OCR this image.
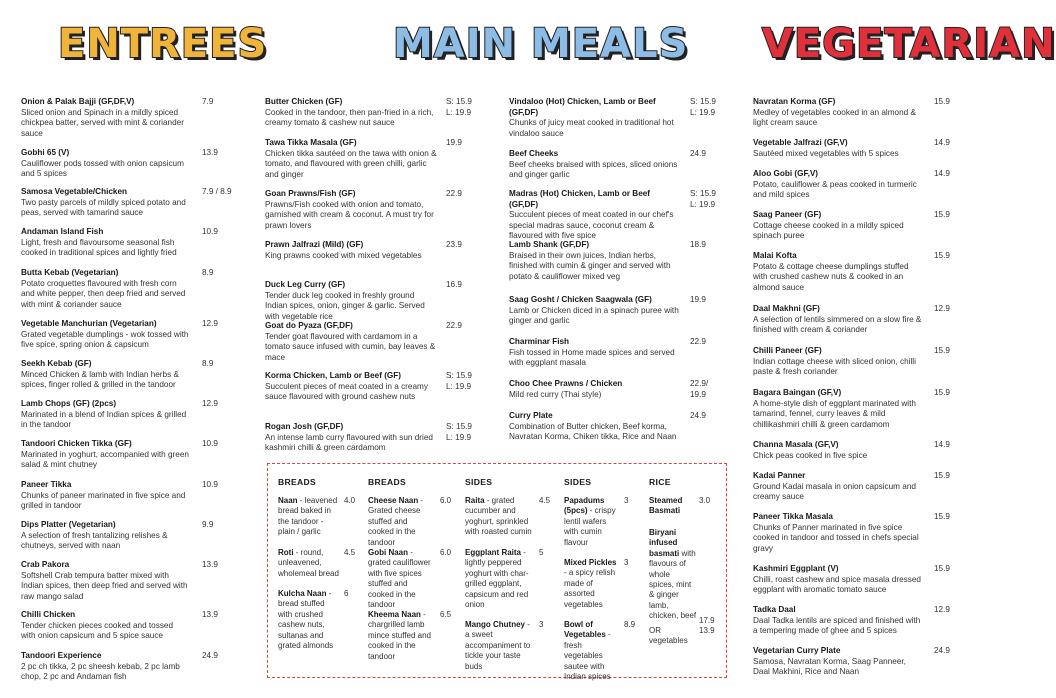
ENTREES	MAIN MEALS VEGETARIAN
Onion & Palak Bajji (GF,DF,V)
Sliced onion and Spinach in a mildly spiced chickpea batter, served with mint & coriander sauce
7.9
Gobhi 65 (V)
Cauliflower pods tossed with onion capsicum and 5 spices
13.9
Samosa Vegetable/Chicken
Two pasty parcels of mildly spiced potato and peas, served with tamarind sauce
7.9 / 8.9
Andaman Island Fish
Light, fresh and flavoursome seasonal fish cooked in traditional spices and lightly fried
10.9
Butta Kebab (Vegetarian)
Potato croquettes flavoured with fresh corn and white pepper, then deep fried and served with mint & coriander sauce
8.9
Vegetable Manchurian (Vegetarian)
Grated vegetable dumplings - wok tossed with five spice, spring onion & capsicum
12.9
Seekh Kebab (GF)
Minced Chicken & lamb with Indian herbs & spices, finger rolled & grilled in the tandoor
8.9
Lamb Chops (GF) (2pcs)
Marinated in a blend of Indian spices & grilled in the tandoor
12.9
Tandoori Chicken Tikka (GF)
Marinated in yoghurt, accompanied with green salad & mint chutney
10.9
Paneer Tikka
Chunks of paneer marinated in five spice and grilled in tandoor
10.9
Dips Platter (Vegetarian)
A selection of fresh tantalizing relishes & chutneys, served with naan
9.9
Crab Pakora
Softshell Crab tempura batter mixed with Indian spices, then deep fried and served with raw mango salad
13.9
Chilli Chicken
Tender chicken pieces cooked and tossed with onion capsicum and 5 spice sauce
13.9
Tandoori Experience
2 pc ch tikka, 2 pc sheesh kebab, 2 pc lamb chop, 2 pc and Andaman fish
24.9
Butter Chicken (GF)
Cooked in the tandoor, then pan-fried in a rich, creamy tomato & cashew nut sauce
S: 15.9
L: 19.9
Tawa Tikka Masala (GF)
Chicken tikka sautéed on the tawa with onion & tomato, and flavoured with green chilli, garlic and ginger
19.9
Goan Prawns/Fish (GF)
Prawns/Fish cooked with onion and tomato, garnished with cream & coconut. A must try for prawn lovers
22.9
Prawn Jalfrazi (Mild) (GF)
King prawns cooked with mixed vegetables
23.9
Duck Leg Curry (GF)
Tender duck leg cooked in freshly ground Indian spices, onion, ginger & garlic. Served with vegetable rice
16.9
Goat do Pyaza (GF,DF)
Tender goat flavoured with cardamom in a tomato sauce infused with cumin, bay leaves & mace
22.9
Korma Chicken, Lamb or Beef (GF)
Succulent pieces of meat coated in a creamy sauce flavoured with ground cashew nuts
S: 15.9
L: 19.9
Rogan Josh (GF,DF)
An intense lamb curry flavoured with sun dried kashmiri chilli & green cardamom
S: 15.9
L: 19.9
Vindaloo (Hot) Chicken, Lamb or Beef (GF,DF)
Chunks of juicy meat cooked in traditional hot vindaloo sauce
S: 15.9
L: 19.9
Beef Cheeks
Beef cheeks braised with spices, sliced onions and ginger garlic
24.9
Madras (Hot) Chicken, Lamb or Beef (GF,DF)
Succulent pieces of meat coated in our chef's special madras sauce, coconut cream & flavoured with five spice
S: 15.9
L: 19.9
Lamb Shank (GF,DF)
Braised in their own juices, Indian herbs, finished with cumin & ginger and served with potato & cauliflower mixed veg
18.9
Saag Gosht / Chicken Saagwala (GF)
Lamb or Chicken diced in a spinach puree with ginger and garlic
19.9
Charminar Fish
Fish tossed in Home made spices and served with eggplant masala
22.9
Choo Chee Prawns / Chicken
Mild red curry (Thai style)
22.9/
19.9
Curry Plate
Combination of Butter chicken, Beef korma, Navratan Korma, Chiken tikka, Rice and Naan
24.9
Navratan Korma (GF)
Medley of vegetables cooked in an almond & light cream sauce
15.9
Vegetable Jalfrazi (GF,V)
Sautéed mixed vegetables with 5 spices
14.9
Aloo Gobi (GF,V)
Potato, cauliflower & peas cooked in turmeric and mild spices
14.9
Saag Paneer (GF)
Cottage cheese cooked in a mildly spiced spinach puree
15.9
Malai Kofta
Potato & cottage cheese dumplings stuffed with crushed cashew nuts & cooked in an almond sauce
15.9
Daal Makhni (GF)
A selection of lentils simmered on a slow fire & finished with cream & coriander
12.9
Chilli Paneer (GF)
Indian cottage cheese with sliced onion, chilli paste & fresh coriander
15.9
Bagara Baingan (GF,V)
A home-style dish of eggplant marinated with tamarind, fennel, curry leaves & mild chillikashmiri chilli & green cardamom
15.9
Channa Masala (GF,V)
Chick peas cooked in five spice
14.9
Kadai Panner
Ground Kadai masala in onion capsicum and creamy sauce
15.9
Paneer Tikka Masala
Chunks of Panner marinated in five spice cooked in tandoor and tossed in chefs special gravy
15.9
Kashmiri Eggplant (V)
Chilli, roast cashew and spice masala dressed eggplant with aromatic tomato sauce
15.9
Tadka Daal
Daal Tadka lentils are spiced and finished with a tempering made of ghee and 5 spices
12.9
Vegetarian Curry Plate
Samosa, Navratan Korma, Saag Panneer, Daal Makhini, Rice and Naan
24.9
BREADS
Naan - leavened bread baked in the tandoor - plain / garlic
4.0
Roti - round, unleavened, wholemeal bread
4.5
Kulcha Naan - bread stuffed with crushed cashew nuts, sultanas and grated almonds
6
BREADS
Cheese Naan - Grated cheese stuffed and cooked in the tandoor
6.0
Gobi Naan - grated cauliflower with five spices stuffed and cooked in the tandoor
6.0
Kheema Naan - chargrilled lamb mince stuffed and cooked in the tandoor
6.5
SIDES
Raita - grated cucumber and yoghurt, sprinkled with roasted cumin
4.5
Eggplant Raita - lightly peppered yoghurt with char-grilled eggplant, capsicum and red onion
5
Mango Chutney - a sweet accompaniment to tickle your taste buds
3
SIDES
Papadums (5pcs) - crispy lentil wafers with cumin flavour
3
Mixed Pickles - a spicy relish made of assorted vegetables
3
Bowl of Vegetables - fresh vegetables sautee with Indian spices
8.9
RICE
Steamed Basmati
3.0
Biryani infused basmati with flavours of whole spices, mint & ginger lamb, chicken, beef
17.9
OR vegetables
13.9
